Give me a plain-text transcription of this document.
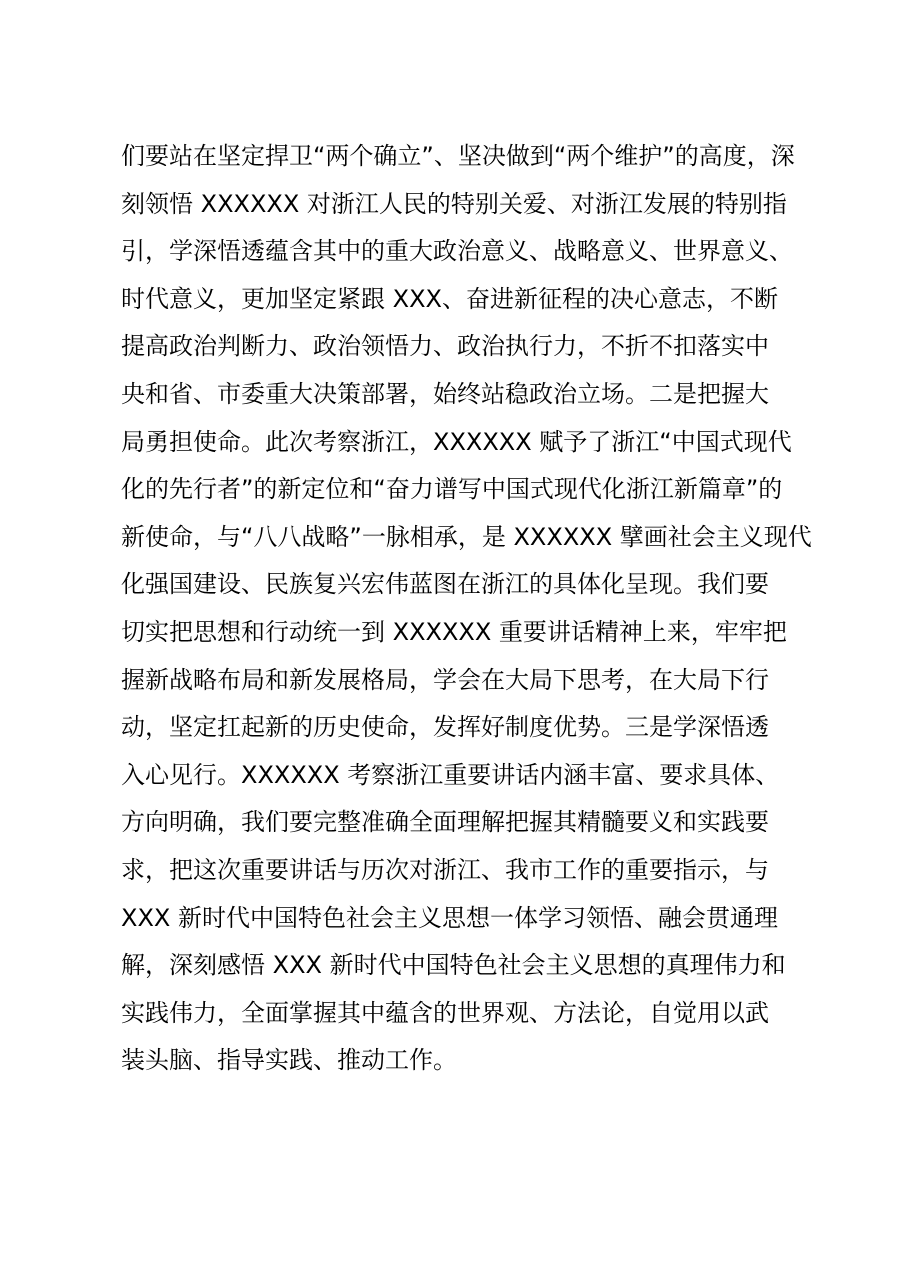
们要站在坚定捍卫“两个确立”、坚决做到“两个维护”的高度，深
刻领悟 XXXXXX 对浙江人民的特别关爱、对浙江发展的特别指
引，学深悟透蕴含其中的重大政治意义、战略意义、世界意义、
时代意义，更加坚定紧跟 XXX、奋进新征程的决心意志，不断
提高政治判断力、政治领悟力、政治执行力，不折不扣落实中
央和省、市委重大决策部署，始终站稳政治立场。二是把握大
局勇担使命。此次考察浙江，XXXXXX 赋予了浙江“中国式现代
化的先行者”的新定位和“奋力谱写中国式现代化浙江新篇章”的
新使命，与“八八战略”一脉相承，是 XXXXXX 擘画社会主义现代
化强国建设、民族复兴宏伟蓝图在浙江的具体化呈现。我们要
切实把思想和行动统一到 XXXXXX 重要讲话精神上来，牢牢把
握新战略布局和新发展格局，学会在大局下思考，在大局下行
动，坚定扛起新的历史使命，发挥好制度优势。三是学深悟透
入心见行。XXXXXX 考察浙江重要讲话内涵丰富、要求具体、
方向明确，我们要完整准确全面理解把握其精髓要义和实践要
求，把这次重要讲话与历次对浙江、我市工作的重要指示，与
XXX 新时代中国特色社会主义思想一体学习领悟、融会贯通理
解，深刻感悟 XXX 新时代中国特色社会主义思想的真理伟力和
实践伟力，全面掌握其中蕴含的世界观、方法论，自觉用以武
装头脑、指导实践、推动工作。
